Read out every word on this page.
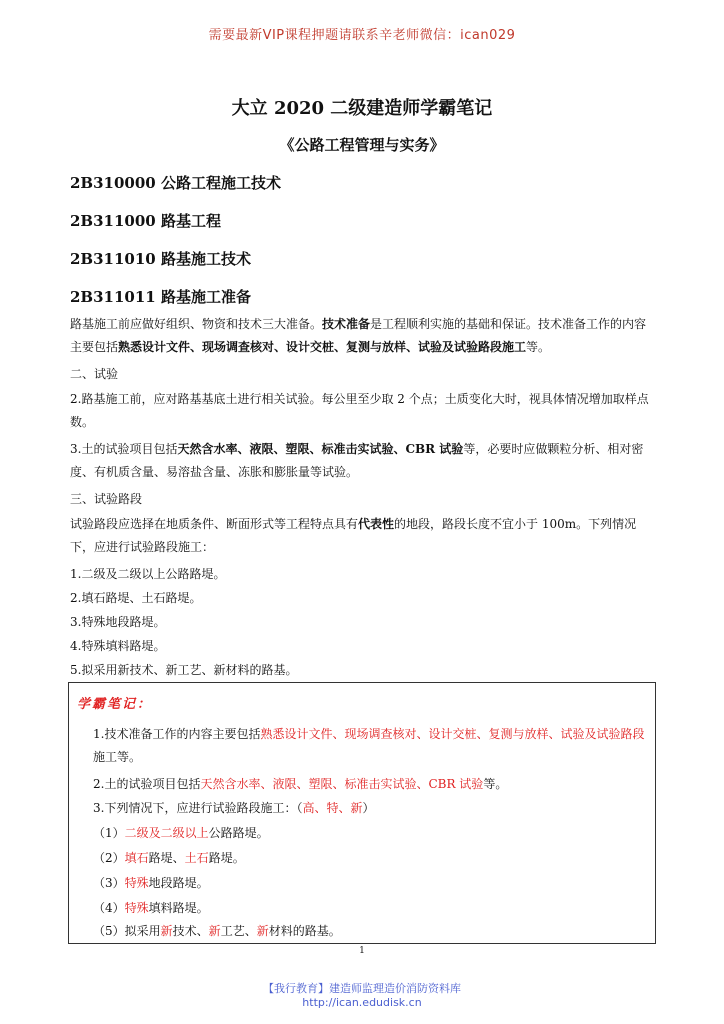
需要最新VIP课程押题请联系辛老师微信：ican029
大立 2020 二级建造师学霸笔记
《公路工程管理与实务》
2B310000 公路工程施工技术
2B311000 路基工程
2B311010 路基施工技术
2B311011 路基施工准备
路基施工前应做好组织、物资和技术三大准备。技术准备是工程顺利实施的基础和保证。技术准备工作的内容主要包括熟悉设计文件、现场调查核对、设计交桩、复测与放样、试验及试验路段施工等。
二、试验
2.路基施工前，应对路基基底土进行相关试验。每公里至少取 2 个点；土质变化大时，视具体情况增加取样点数。
3.土的试验项目包括天然含水率、液限、塑限、标准击实试验、CBR 试验等，必要时应做颗粒分析、相对密度、有机质含量、易溶盐含量、冻胀和膨胀量等试验。
三、试验路段
试验路段应选择在地质条件、断面形式等工程特点具有代表性的地段，路段长度不宜小于 100m。下列情况下，应进行试验路段施工：
1.二级及二级以上公路路堤。
2.填石路堤、土石路堤。
3.特殊地段路堤。
4.特殊填料路堤。
5.拟采用新技术、新工艺、新材料的路基。
学霸笔记：
1.技术准备工作的内容主要包括熟悉设计文件、现场调查核对、设计交桩、复测与放样、试验及试验路段施工等。
2.土的试验项目包括天然含水率、液限、塑限、标准击实试验、CBR 试验等。
3.下列情况下，应进行试验路段施工：（高、特、新）
（1）二级及二级以上公路路堤。
（2）填石路堤、土石路堤。
（3）特殊地段路堤。
（4）特殊填料路堤。
（5）拟采用新技术、新工艺、新材料的路基。
1
【我行教育】建造师监理造价消防资料库
http://ican.edudisk.cn
